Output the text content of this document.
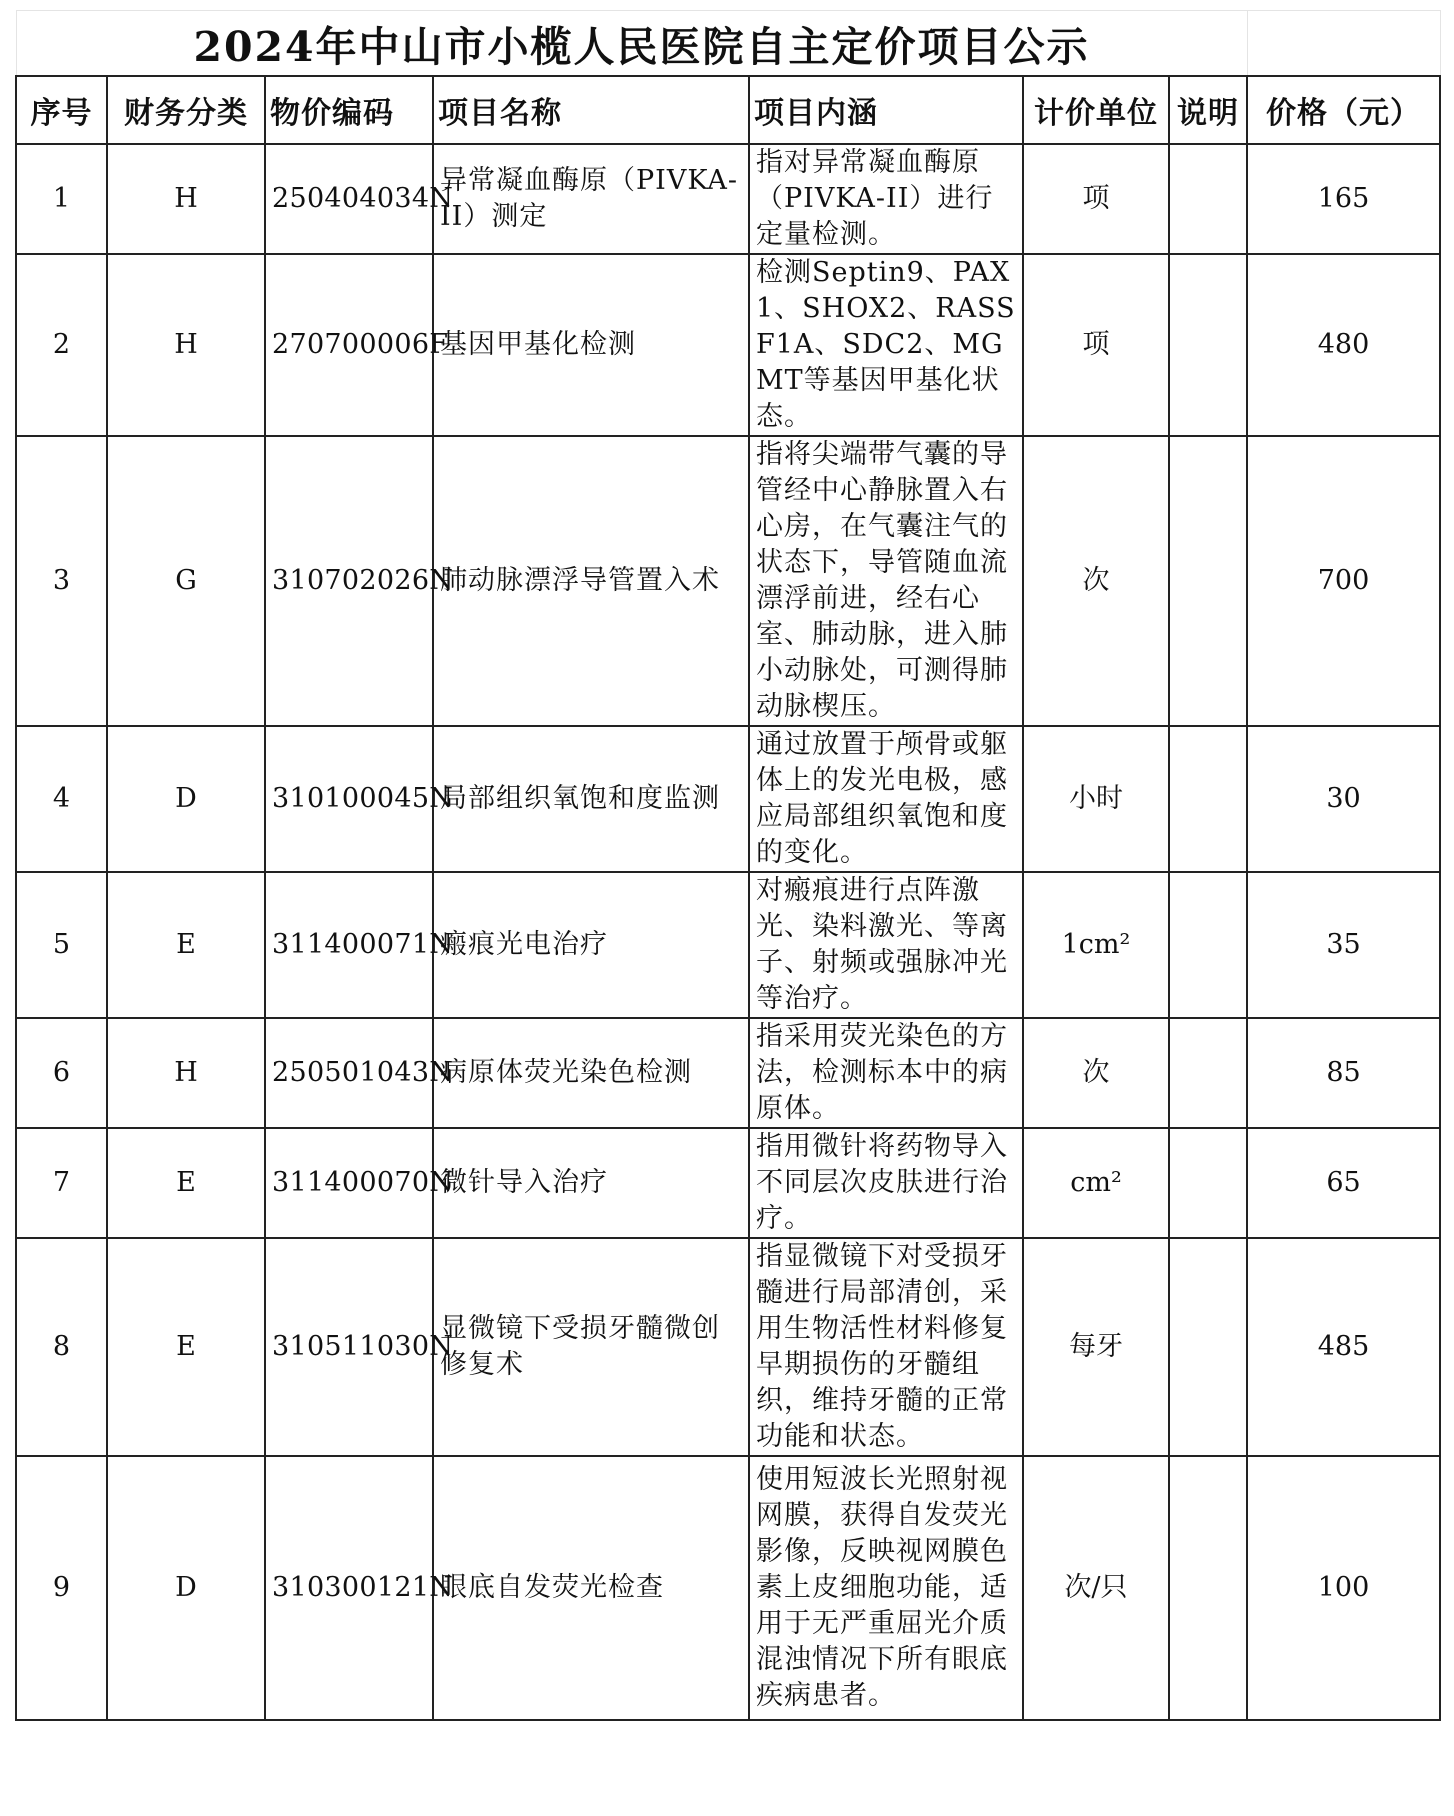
2024年中山市小榄人民医院自主定价项目公示							
序号	财务分类	物价编码	项目名称	项目内涵	计价单位	说明	价格（元）
1	H	250404034N	异常凝血酶原（PIVKA-II）测定	指对异常凝血酶原（PIVKA-II）进行定量检测。	项		165
2	H	270700006F	基因甲基化检测	检测Septin9、PAX1、SHOX2、RASSF1A、SDC2、MGMT等基因甲基化状态。	项		480
3	G	310702026N	肺动脉漂浮导管置入术	指将尖端带气囊的导管经中心静脉置入右心房，在气囊注气的状态下，导管随血流漂浮前进，经右心室、肺动脉，进入肺小动脉处，可测得肺动脉楔压。	次		700
4	D	310100045N	局部组织氧饱和度监测	通过放置于颅骨或躯体上的发光电极，感应局部组织氧饱和度的变化。	小时		30
5	E	311400071N	瘢痕光电治疗	对瘢痕进行点阵激光、染料激光、等离子、射频或强脉冲光等治疗。	1cm²		35
6	H	250501043N	病原体荧光染色检测	指采用荧光染色的方法，检测标本中的病原体。	次		85
7	E	311400070N	微针导入治疗	指用微针将药物导入不同层次皮肤进行治疗。	cm²		65
8	E	310511030N	显微镜下受损牙髓微创修复术	指显微镜下对受损牙髓进行局部清创，采用生物活性材料修复早期损伤的牙髓组织，维持牙髓的正常功能和状态。	每牙		485
9	D	310300121N	眼底自发荧光检查	使用短波长光照射视网膜，获得自发荧光影像，反映视网膜色素上皮细胞功能，适用于无严重屈光介质混浊情况下所有眼底疾病患者。	次/只		100
